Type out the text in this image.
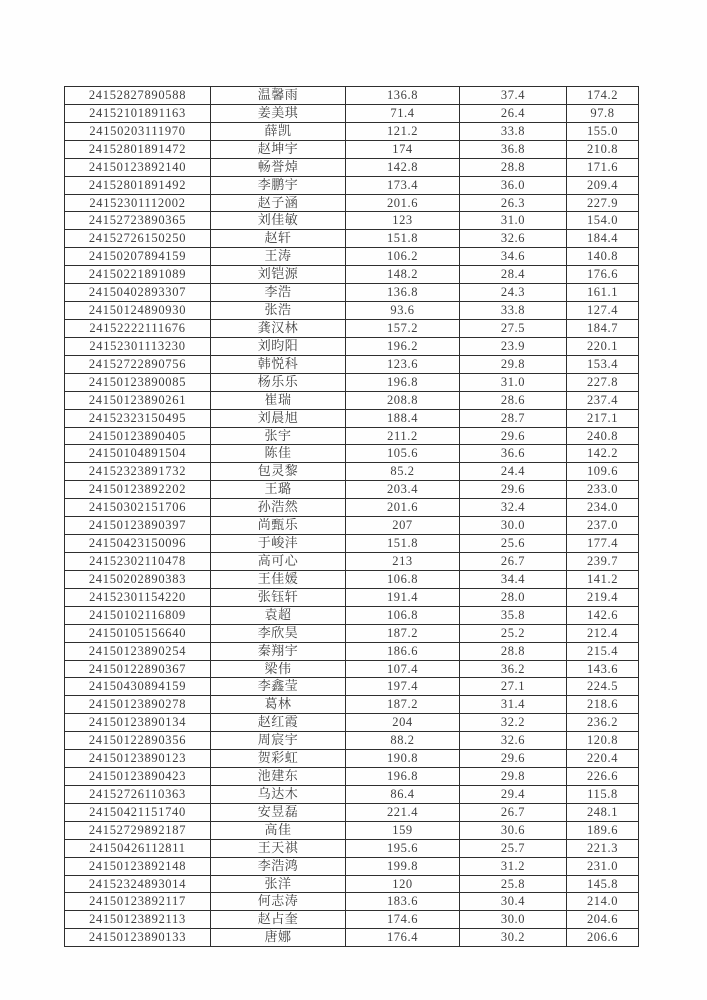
24152827890588	温馨雨	136.8	37.4	174.2
24152101891163	姜美琪	71.4	26.4	97.8
24150203111970	薛凯	121.2	33.8	155.0
24152801891472	赵坤宇	174	36.8	210.8
24150123892140	畅誉焯	142.8	28.8	171.6
24152801891492	李鹏宇	173.4	36.0	209.4
24152301112002	赵子涵	201.6	26.3	227.9
24152723890365	刘佳敏	123	31.0	154.0
24152726150250	赵轩	151.8	32.6	184.4
24150207894159	王涛	106.2	34.6	140.8
24150221891089	刘铠源	148.2	28.4	176.6
24150402893307	李浩	136.8	24.3	161.1
24150124890930	张浩	93.6	33.8	127.4
24152222111676	龚汉林	157.2	27.5	184.7
24152301113230	刘昀阳	196.2	23.9	220.1
24152722890756	韩悦科	123.6	29.8	153.4
24150123890085	杨乐乐	196.8	31.0	227.8
24150123890261	崔瑞	208.8	28.6	237.4
24152323150495	刘晨旭	188.4	28.7	217.1
24150123890405	张宇	211.2	29.6	240.8
24150104891504	陈佳	105.6	36.6	142.2
24152323891732	包灵黎	85.2	24.4	109.6
24150123892202	王璐	203.4	29.6	233.0
24150302151706	孙浩然	201.6	32.4	234.0
24150123890397	尚甄乐	207	30.0	237.0
24150423150096	于峻沣	151.8	25.6	177.4
24152302110478	高可心	213	26.7	239.7
24150202890383	王佳媛	106.8	34.4	141.2
24152301154220	张钰轩	191.4	28.0	219.4
24150102116809	袁超	106.8	35.8	142.6
24150105156640	李欣昊	187.2	25.2	212.4
24150123890254	秦翔宇	186.6	28.8	215.4
24150122890367	梁伟	107.4	36.2	143.6
24150430894159	李鑫莹	197.4	27.1	224.5
24150123890278	葛林	187.2	31.4	218.6
24150123890134	赵红霞	204	32.2	236.2
24150122890356	周宸宇	88.2	32.6	120.8
24150123890123	贺彩虹	190.8	29.6	220.4
24150123890423	池建东	196.8	29.8	226.6
24152726110363	乌达木	86.4	29.4	115.8
24150421151740	安昱磊	221.4	26.7	248.1
24152729892187	高佳	159	30.6	189.6
24150426112811	王天祺	195.6	25.7	221.3
24150123892148	李浩鸿	199.8	31.2	231.0
24152324893014	张洋	120	25.8	145.8
24150123892117	何志涛	183.6	30.4	214.0
24150123892113	赵占奎	174.6	30.0	204.6
24150123890133	唐娜	176.4	30.2	206.6
